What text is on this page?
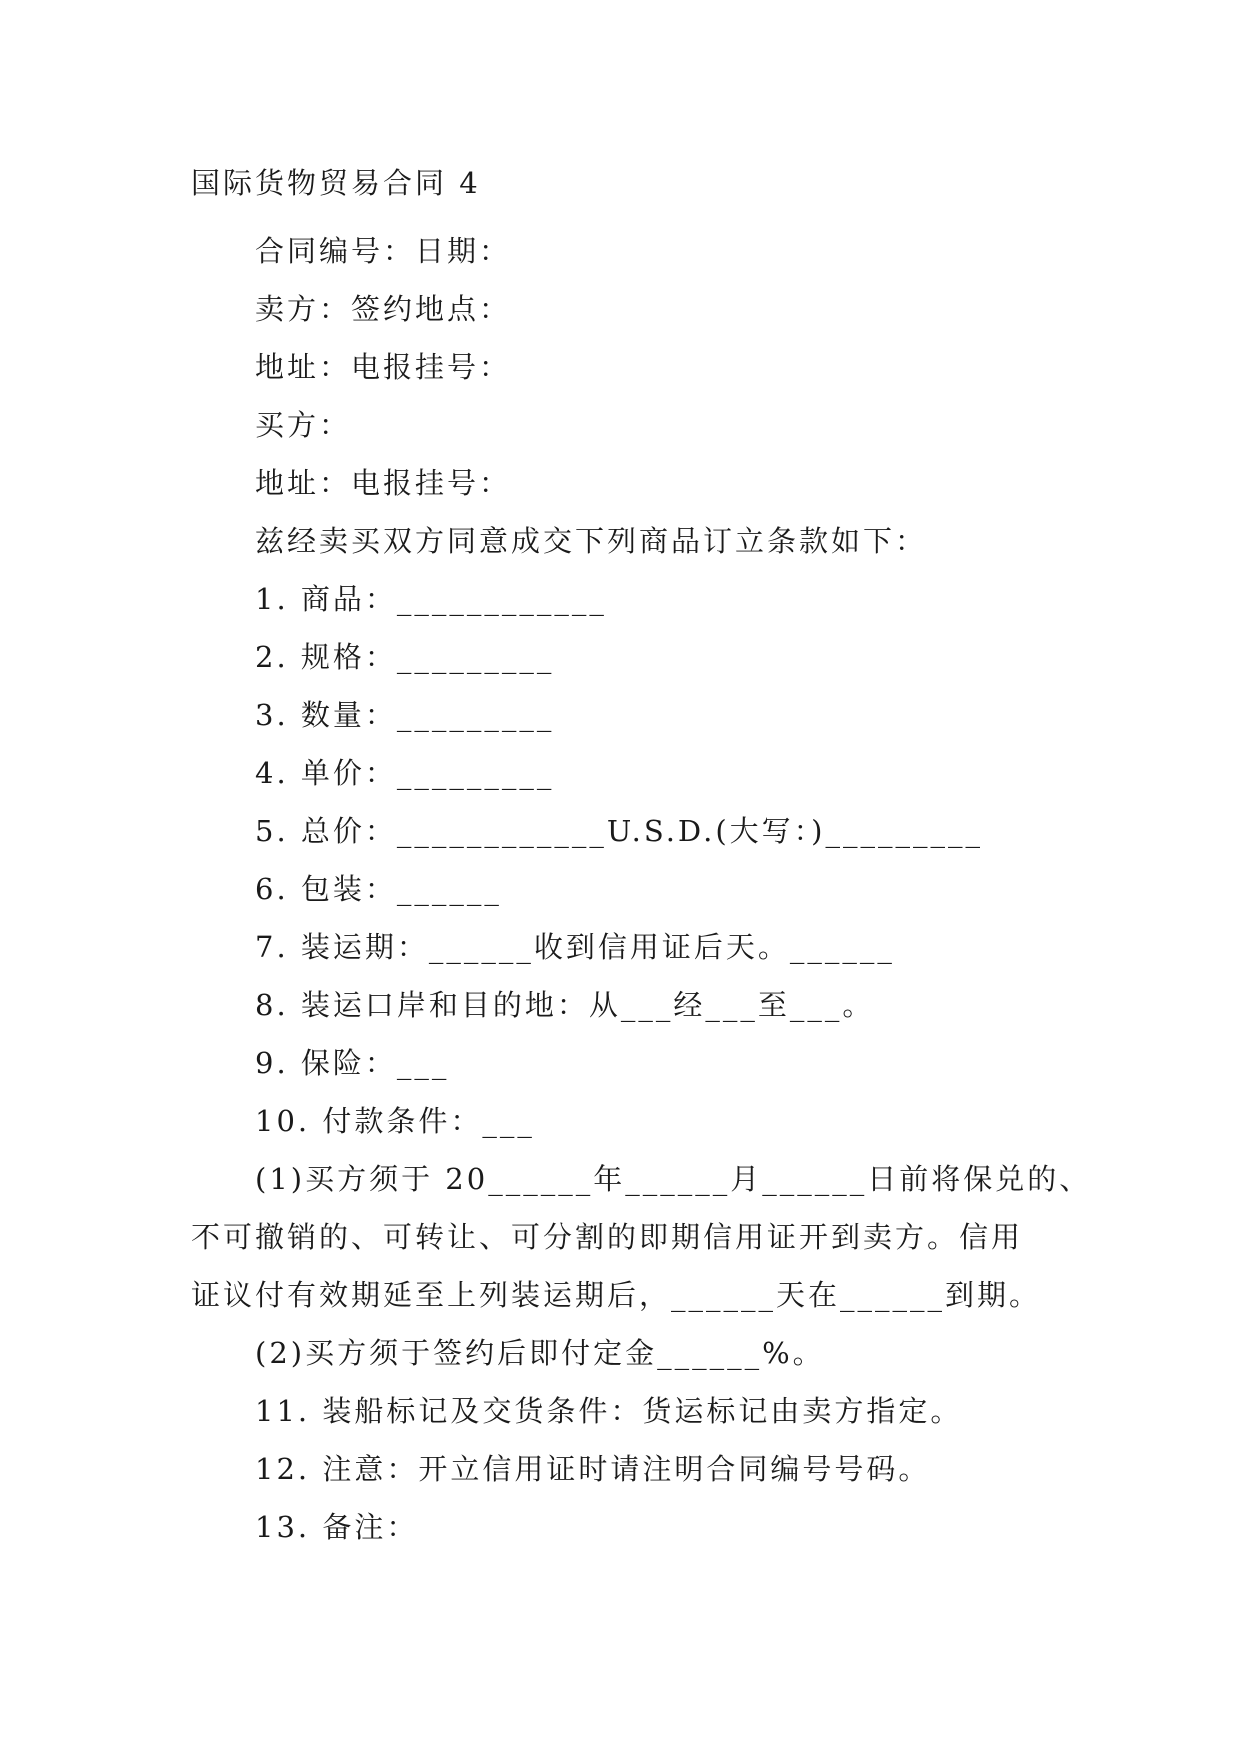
国际货物贸易合同 4
合同编号：日期：
卖方：签约地点：
地址：电报挂号：
买方：
地址：电报挂号：
兹经卖买双方同意成交下列商品订立条款如下：
1. 商品：____________
2. 规格：_________
3. 数量：_________
4. 单价：_________
5. 总价：____________U.S.D.(大写：)_________
6. 包装：______
7. 装运期：______收到信用证后天。______
8. 装运口岸和目的地：从___经___至___。
9. 保险：___
10. 付款条件：___
(1)买方须于 20______年______月______日前将保兑的、
不可撤销的、可转让、可分割的即期信用证开到卖方。信用
证议付有效期延至上列装运期后，______天在______到期。
(2)买方须于签约后即付定金______%。
11. 装船标记及交货条件：货运标记由卖方指定。
12. 注意：开立信用证时请注明合同编号号码。
13. 备注：
